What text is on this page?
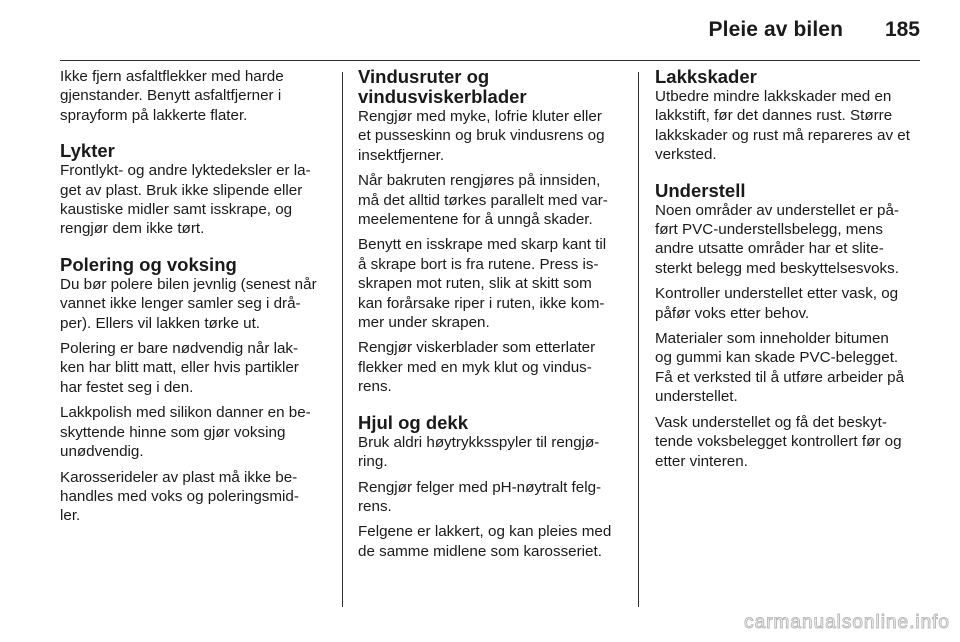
Pleie av bilen 185

Ikke fjern asfaltflekker med harde
gjenstander. Benytt asfaltfjerner i
sprayform på lakkerte flater.

Lykter

Frontlykt- og andre lyktedeksler er la-
get av plast. Bruk ikke slipende eller
kaustiske midler samt isskrape, og
rengjør dem ikke tørt.

Polering og voksing

Du bør polere bilen jevnlig (senest når
vannet ikke lenger samler seg i drå-
per). Ellers vil lakken tørke ut.

Polering er bare nødvendig når lak-
ken har blitt matt, eller hvis partikler
har festet seg i den.

Lakkpolish med silikon danner en be-
skyttende hinne som gjør voksing
unødvendig.

Karosserideler av plast må ikke be-
handles med voks og poleringsmid-
ler.

Vindusruter og
vindusviskerblader

Rengjør med myke, lofrie kluter eller
et pusseskinn og bruk vindusrens og
insektfjerner.

Når bakruten rengjøres på innsiden,
må det alltid tørkes parallelt med var-
meelementene for å unngå skader.

Benytt en isskrape med skarp kant til
å skrape bort is fra rutene. Press is-
skrapen mot ruten, slik at skitt som
kan forårsake riper i ruten, ikke kom-
mer under skrapen.

Rengjør viskerblader som etterlater
flekker med en myk klut og vindus-
rens.

Hjul og dekk

Bruk aldri høytrykksspyler til rengjø-
ring.

Rengjør felger med pH-nøytralt felg-
rens.

Felgene er lakkert, og kan pleies med
de samme midlene som karosseriet.

Lakkskader

Utbedre mindre lakkskader med en
lakkstift, før det dannes rust. Større
lakkskader og rust må repareres av et
verksted.

Understell

Noen områder av understellet er på-
ført PVC-understellsbelegg, mens
andre utsatte områder har et slite-
sterkt belegg med beskyttelsesvoks.

Kontroller understellet etter vask, og
påfør voks etter behov.

Materialer som inneholder bitumen
og gummi kan skade PVC-belegget.
Få et verksted til å utføre arbeider på
understellet.

Vask understellet og få det beskyt-
tende voksbelegget kontrollert før og
etter vinteren.

carmanualsonline.info
